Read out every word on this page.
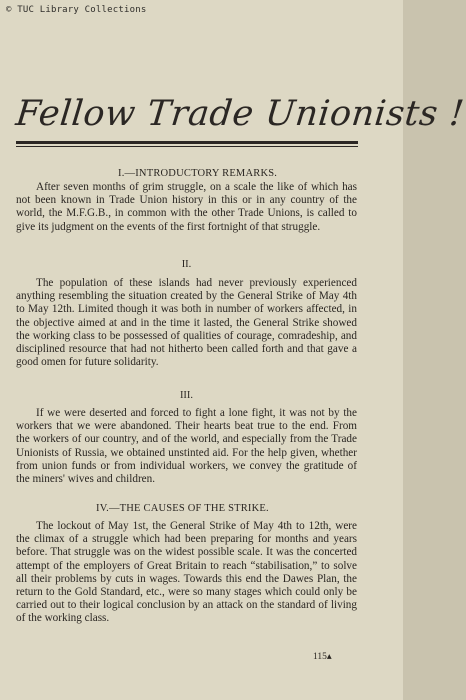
© TUC Library Collections
Fellow Trade Unionists !
I.—INTRODUCTORY REMARKS.
After seven months of grim struggle, on a scale the like of which has not been known in Trade Union history in this or in any country of the world, the M.F.G.B., in common with the other Trade Unions, is called to give its judgment on the events of the first fortnight of that struggle.
II.
The population of these islands had never previously experienced anything resembling the situation created by the General Strike of May 4th to May 12th. Limited though it was both in number of workers affected, in the objective aimed at and in the time it lasted, the General Strike showed the working class to be possessed of qualities of courage, comradeship, and disciplined resource that had not hitherto been called forth and that gave a good omen for future solidarity.
III.
If we were deserted and forced to fight a lone fight, it was not by the workers that we were abandoned. Their hearts beat true to the end. From the workers of our country, and of the world, and especially from the Trade Unionists of Russia, we obtained unstinted aid. For the help given, whether from union funds or from individual workers, we convey the gratitude of the miners' wives and children.
IV.—THE CAUSES OF THE STRIKE.
The lockout of May 1st, the General Strike of May 4th to 12th, were the climax of a struggle which had been preparing for months and years before. That struggle was on the widest possible scale. It was the concerted attempt of the employers of Great Britain to reach “stabilisation,” to solve all their problems by cuts in wages. Towards this end the Dawes Plan, the return to the Gold Standard, etc., were so many stages which could only be carried out to their logical conclusion by an attack on the standard of living of the working class.
115▴
